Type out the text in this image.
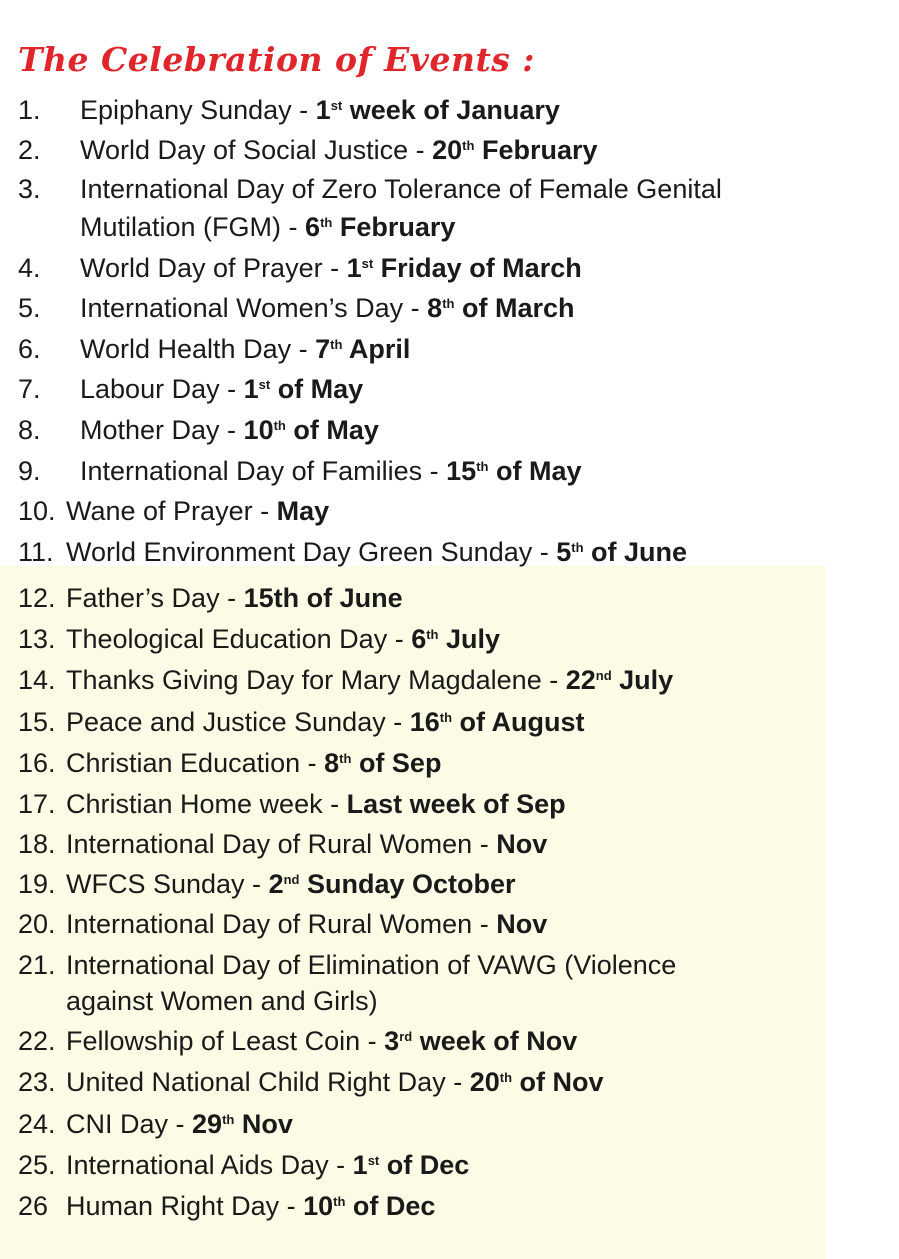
The Celebration of Events :
1. Epiphany Sunday - 1st week of January
2. World Day of Social Justice - 20th February
3. International Day of Zero Tolerance of Female Genital
Mutilation (FGM) - 6th February
4. World Day of Prayer - 1st Friday of March
5. International Women’s Day - 8th of March
6. World Health Day - 7th April
7. Labour Day - 1st of May
8. Mother Day - 10th of May
9. International Day of Families - 15th of May
10. Wane of Prayer - May
11. World Environment Day Green Sunday - 5th of June
12. Father’s Day - 15th of June
13. Theological Education Day - 6th July
14. Thanks Giving Day for Mary Magdalene - 22nd July
15. Peace and Justice Sunday - 16th of August
16. Christian Education - 8th of Sep
17. Christian Home week - Last week of Sep
18. International Day of Rural Women - Nov
19. WFCS Sunday - 2nd Sunday October
20. International Day of Rural Women - Nov
21. International Day of Elimination of VAWG (Violence
against Women and Girls)
22. Fellowship of Least Coin - 3rd week of Nov
23. United National Child Right Day - 20th of Nov
24. CNI Day - 29th Nov
25. International Aids Day - 1st of Dec
26 Human Right Day - 10th of Dec
